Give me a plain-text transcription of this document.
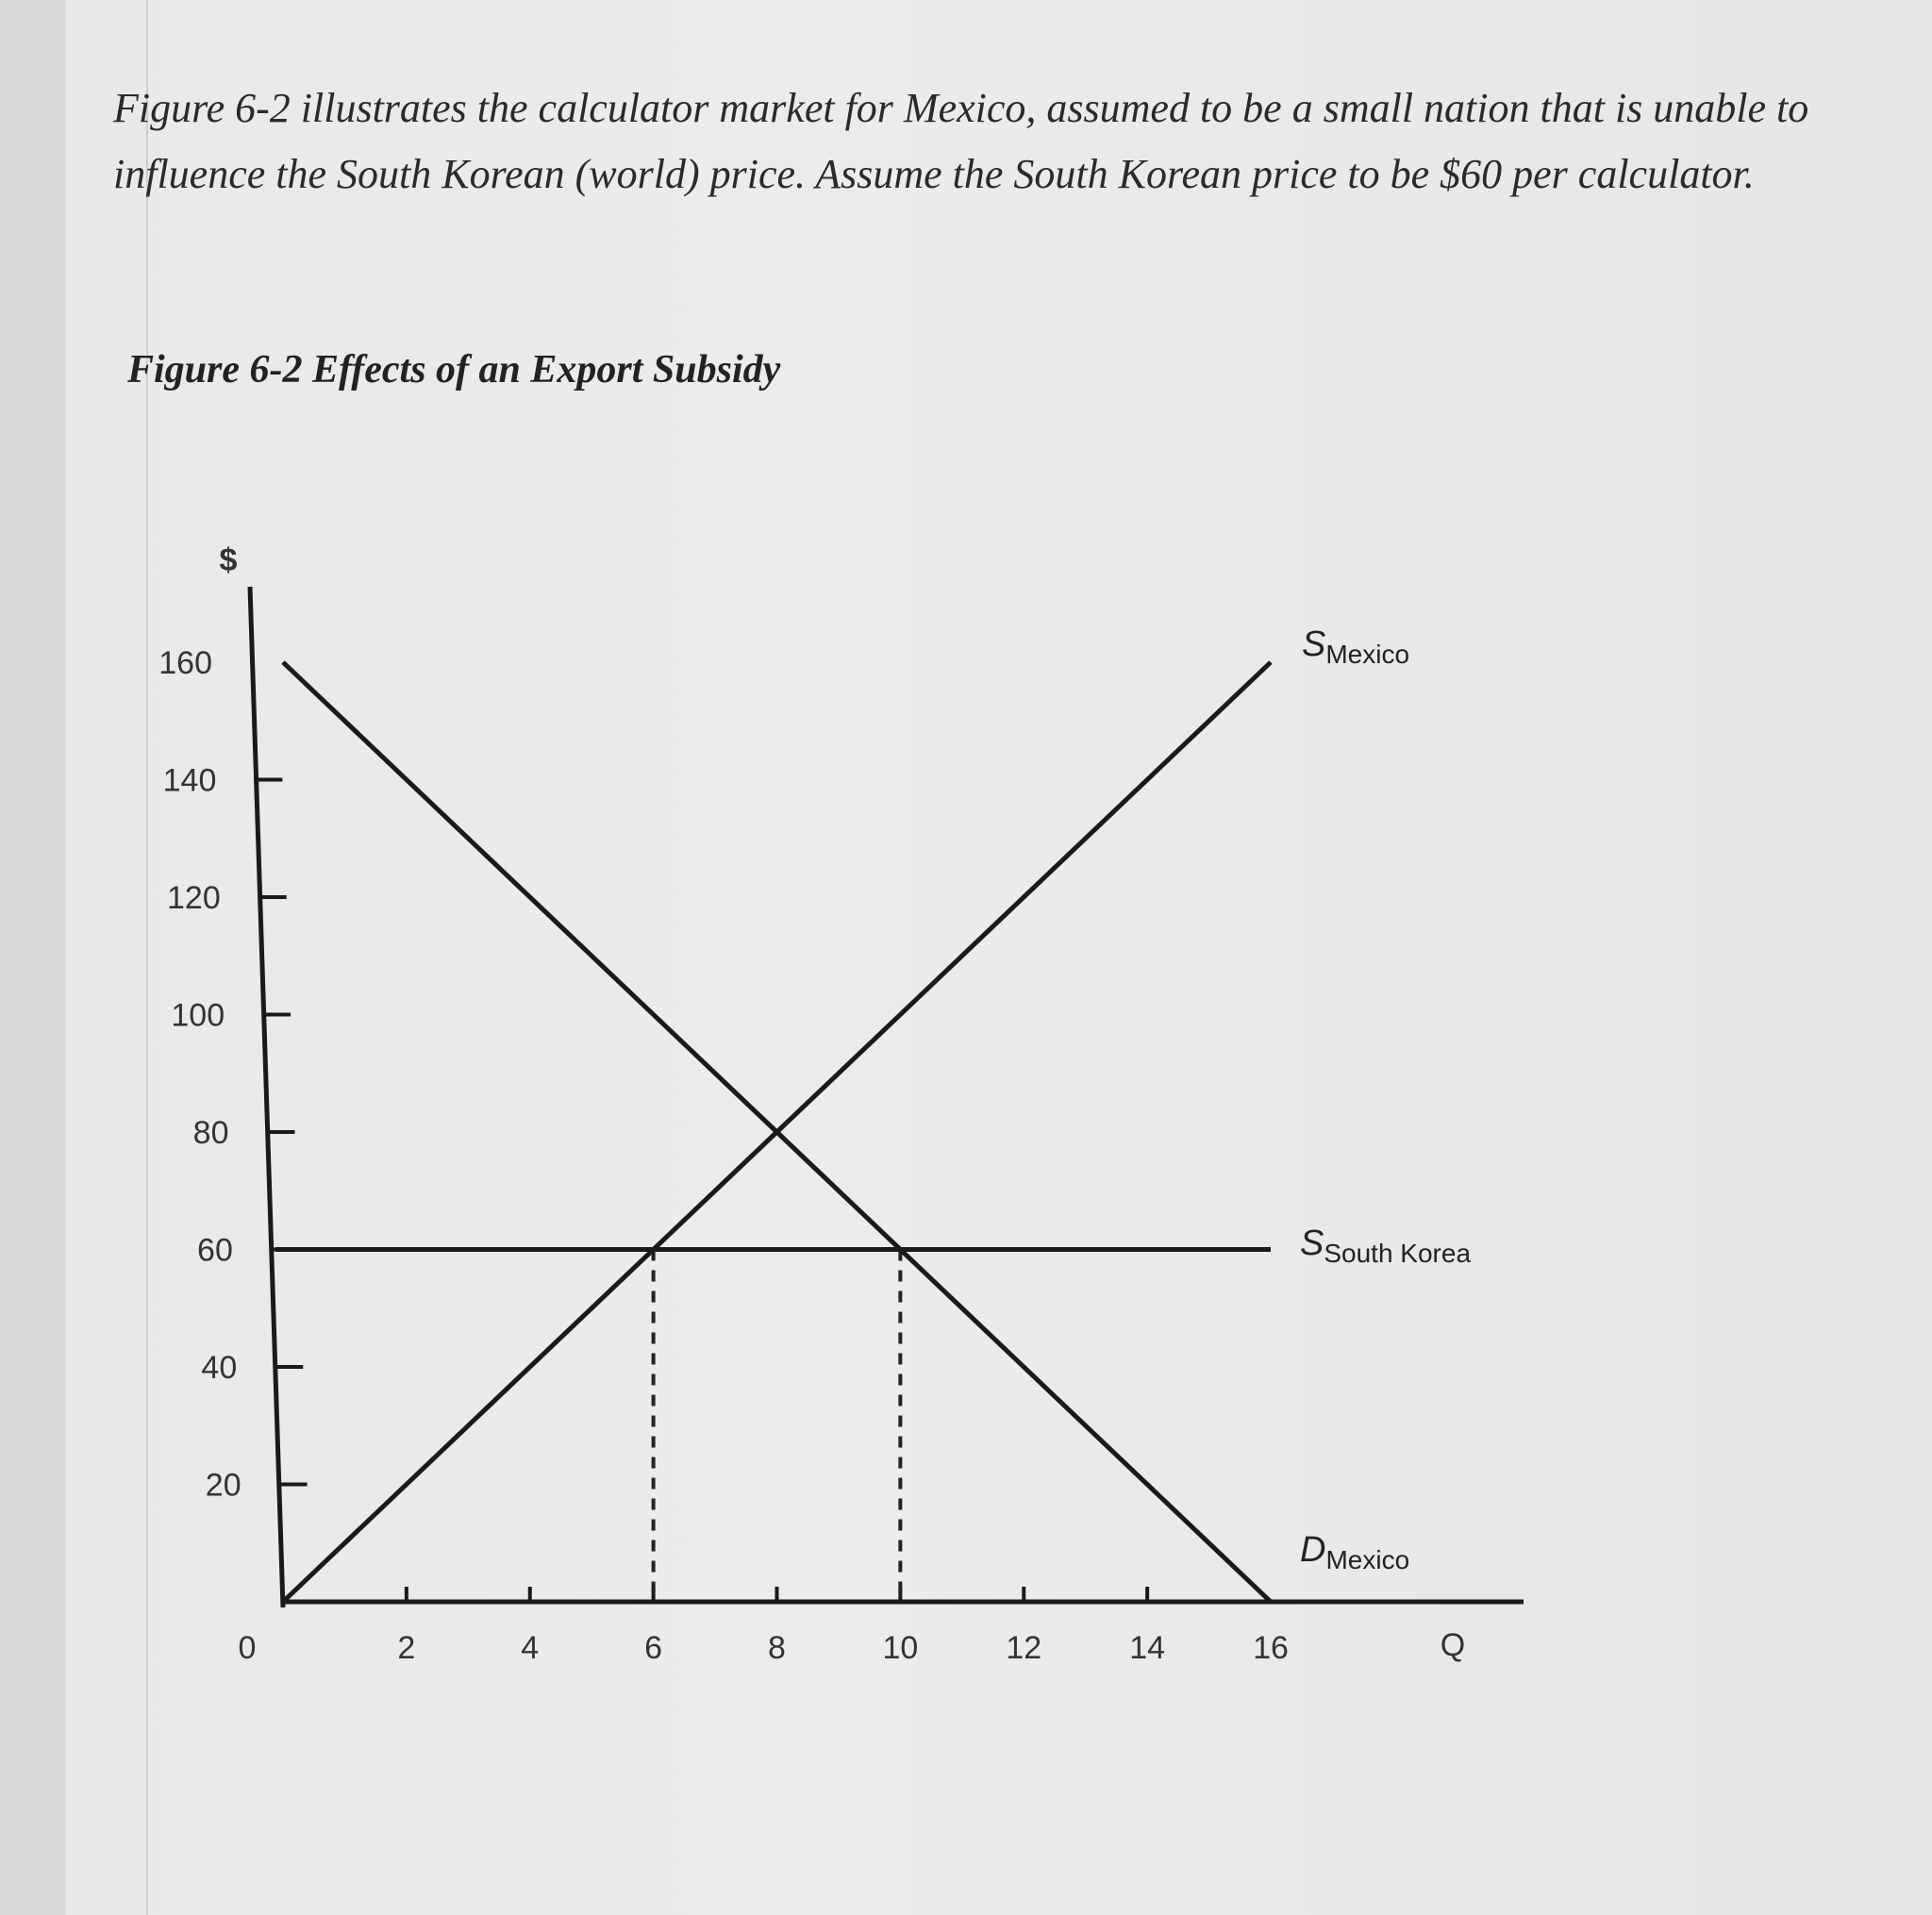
Figure 6-2 illustrates the calculator market for Mexico, assumed to be a small nation that is unable to influence the South Korean (world) price. Assume the South Korean price to be $60 per calculator.
Figure 6-2 Effects of an Export Subsidy
$
20
40
60
80
100
120
140
160
0	2	4	6	8	10	12	14	16	Q
SMexico
DMexico
SSouth Korea
